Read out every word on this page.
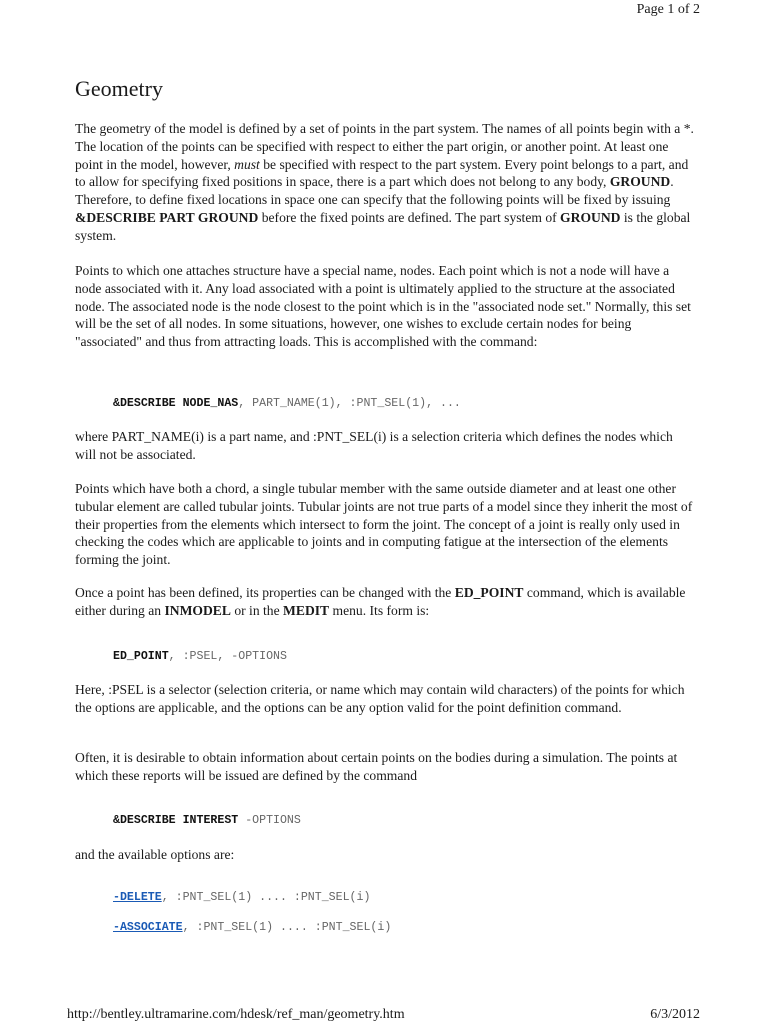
Page 1 of 2
Geometry

The geometry of the model is defined by a set of points in the part system. The names of all points begin with a *. The location of the points can be specified with respect to either the part origin, or another point. At least one point in the model, however, must be specified with respect to the part system. Every point belongs to a part, and to allow for specifying fixed positions in space, there is a part which does not belong to any body, GROUND. Therefore, to define fixed locations in space one can specify that the following points will be fixed by issuing &DESCRIBE PART GROUND before the fixed points are defined. The part system of GROUND is the global system.

Points to which one attaches structure have a special name, nodes. Each point which is not a node will have a node associated with it. Any load associated with a point is ultimately applied to the structure at the associated node. The associated node is the node closest to the point which is in the "associated node set." Normally, this set will be the set of all nodes. In some situations, however, one wishes to exclude certain nodes for being "associated" and thus from attracting loads. This is accomplished with the command:

&DESCRIBE NODE_NAS, PART_NAME(1), :PNT_SEL(1), ...

where PART_NAME(i) is a part name, and :PNT_SEL(i) is a selection criteria which defines the nodes which will not be associated.

Points which have both a chord, a single tubular member with the same outside diameter and at least one other tubular element are called tubular joints. Tubular joints are not true parts of a model since they inherit the most of their properties from the elements which intersect to form the joint. The concept of a joint is really only used in checking the codes which are applicable to joints and in computing fatigue at the intersection of the elements forming the joint.

Once a point has been defined, its properties can be changed with the ED_POINT command, which is available either during an INMODEL or in the MEDIT menu. Its form is:

ED_POINT, :PSEL, -OPTIONS

Here, :PSEL is a selector (selection criteria, or name which may contain wild characters) of the points for which the options are applicable, and the options can be any option valid for the point definition command.

Often, it is desirable to obtain information about certain points on the bodies during a simulation. The points at which these reports will be issued are defined by the command

&DESCRIBE INTEREST -OPTIONS

and the available options are:

-DELETE, :PNT_SEL(1) .... :PNT_SEL(i)
-ASSOCIATE, :PNT_SEL(1) .... :PNT_SEL(i)
http://bentley.ultramarine.com/hdesk/ref_man/geometry.htm	6/3/2012
